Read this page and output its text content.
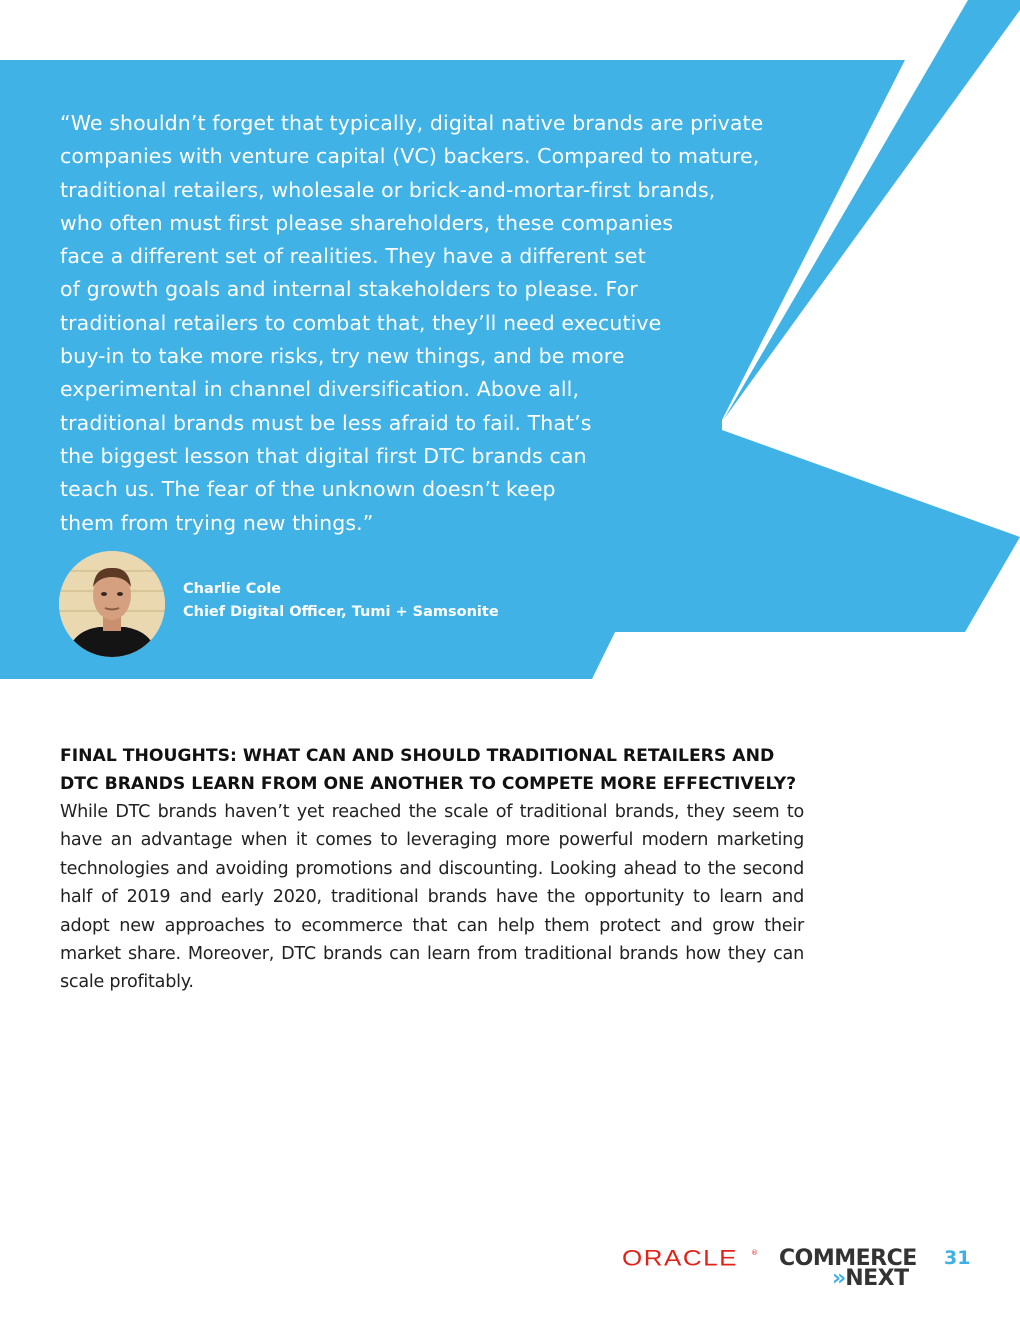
“We shouldn’t forget that typically, digital native brands are private
companies with venture capital (VC) backers. Compared to mature,
traditional retailers, wholesale or brick-and-mortar-first brands,
who often must first please shareholders, these companies
face a different set of realities. They have a different set
of growth goals and internal stakeholders to please. For
traditional retailers to combat that, they’ll need executive
buy-in to take more risks, try new things, and be more
experimental in channel diversification. Above all,
traditional brands must be less afraid to fail. That’s
the biggest lesson that digital first DTC brands can
teach us. The fear of the unknown doesn’t keep
them from trying new things.”
Charlie Cole
Chief Digital Officer, Tumi + Samsonite
FINAL THOUGHTS: WHAT CAN AND SHOULD TRADITIONAL RETAILERS AND
DTC BRANDS LEARN FROM ONE ANOTHER TO COMPETE MORE EFFECTIVELY?

While DTC brands haven’t yet reached the scale of traditional brands, they seem to have an advantage when it comes to leveraging more powerful modern marketing technologies and avoiding promotions and discounting. Looking ahead to the second half of 2019 and early 2020, traditional brands have the opportunity to learn and adopt new approaches to ecommerce that can help them protect and grow their market share. Moreover, DTC brands can learn from traditional brands how they can scale profitably.

ORACLE ® COMMERCE
» NEXT
31
